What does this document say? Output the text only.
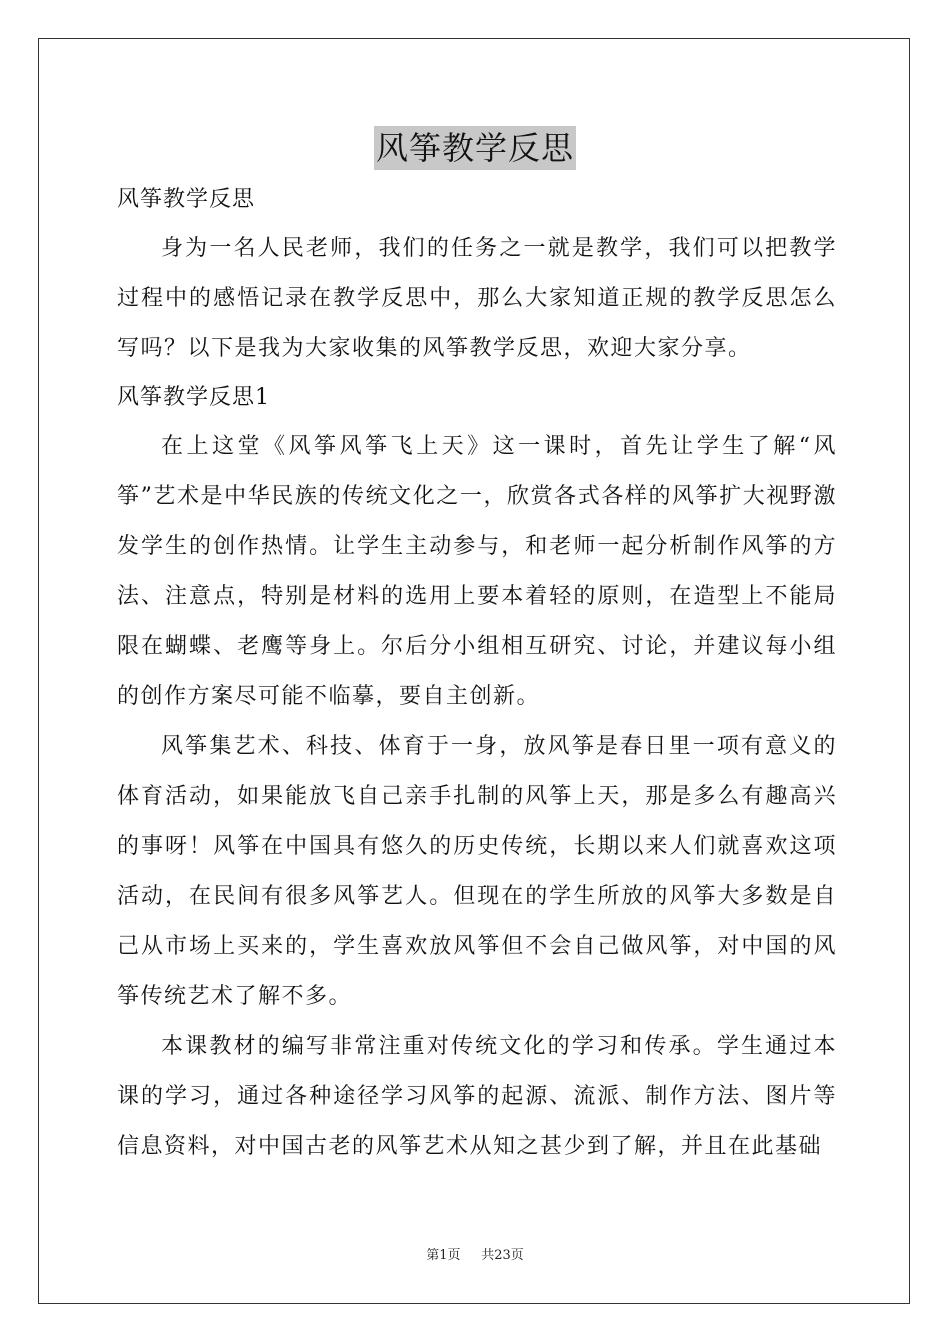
风筝教学反思
风筝教学反思

身为一名人民老师，我们的任务之一就是教学，我们可以把教学过程中的感悟记录在教学反思中，那么大家知道正规的教学反思怎么写吗？以下是我为大家收集的风筝教学反思，欢迎大家分享。

风筝教学反思1

在上这堂《风筝风筝飞上天》这一课时，首先让学生了解“风筝”艺术是中华民族的传统文化之一，欣赏各式各样的风筝扩大视野激发学生的创作热情。让学生主动参与，和老师一起分析制作风筝的方法、注意点，特别是材料的选用上要本着轻的原则，在造型上不能局限在蝴蝶、老鹰等身上。尔后分小组相互研究、讨论，并建议每小组的创作方案尽可能不临摹，要自主创新。

风筝集艺术、科技、体育于一身，放风筝是春日里一项有意义的体育活动，如果能放飞自己亲手扎制的风筝上天，那是多么有趣高兴的事呀！风筝在中国具有悠久的历史传统，长期以来人们就喜欢这项活动，在民间有很多风筝艺人。但现在的学生所放的风筝大多数是自己从市场上买来的，学生喜欢放风筝但不会自己做风筝，对中国的风筝传统艺术了解不多。

本课教材的编写非常注重对传统文化的学习和传承。学生通过本课的学习，通过各种途径学习风筝的起源、流派、制作方法、图片等信息资料，对中国古老的风筝艺术从知之甚少到了解，并且在此基础

第1页 共23页
